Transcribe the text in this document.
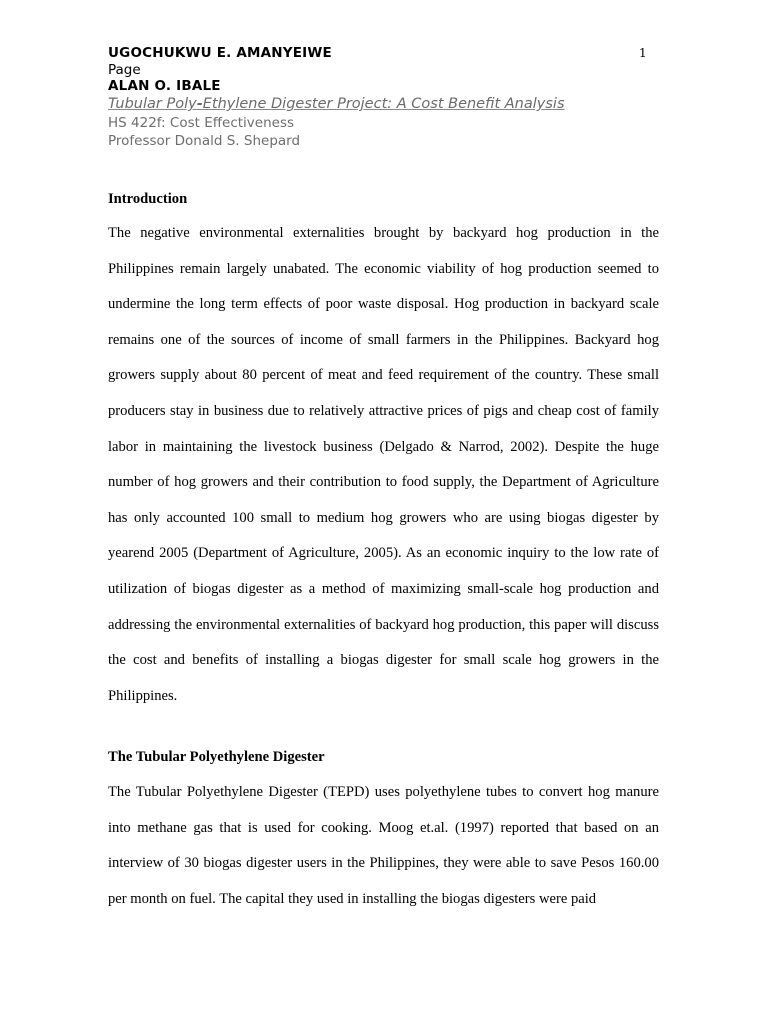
1
UGOCHUKWU E. AMANYEIWE
Page
ALAN O. IBALE
Tubular Poly-Ethylene Digester Project: A Cost Benefit Analysis
HS 422f: Cost Effectiveness
Professor Donald S. Shepard
Introduction

The negative environmental externalities brought by backyard hog production in the Philippines remain largely unabated. The economic viability of hog production seemed to undermine the long term effects of poor waste disposal. Hog production in backyard scale remains one of the sources of income of small farmers in the Philippines. Backyard hog growers supply about 80 percent of meat and feed requirement of the country. These small producers stay in business due to relatively attractive prices of pigs and cheap cost of family labor in maintaining the livestock business (Delgado & Narrod, 2002). Despite the huge number of hog growers and their contribution to food supply, the Department of Agriculture has only accounted 100 small to medium hog growers who are using biogas digester by yearend 2005 (Department of Agriculture, 2005). As an economic inquiry to the low rate of utilization of biogas digester as a method of maximizing small-scale hog production and addressing the environmental externalities of backyard hog production, this paper will discuss the cost and benefits of installing a biogas digester for small scale hog growers in the Philippines.

The Tubular Polyethylene Digester

The Tubular Polyethylene Digester (TEPD) uses polyethylene tubes to convert hog manure into methane gas that is used for cooking. Moog et.al. (1997) reported that based on an interview of 30 biogas digester users in the Philippines, they were able to save Pesos 160.00 per month on fuel. The capital they used in installing the biogas digesters were paid
